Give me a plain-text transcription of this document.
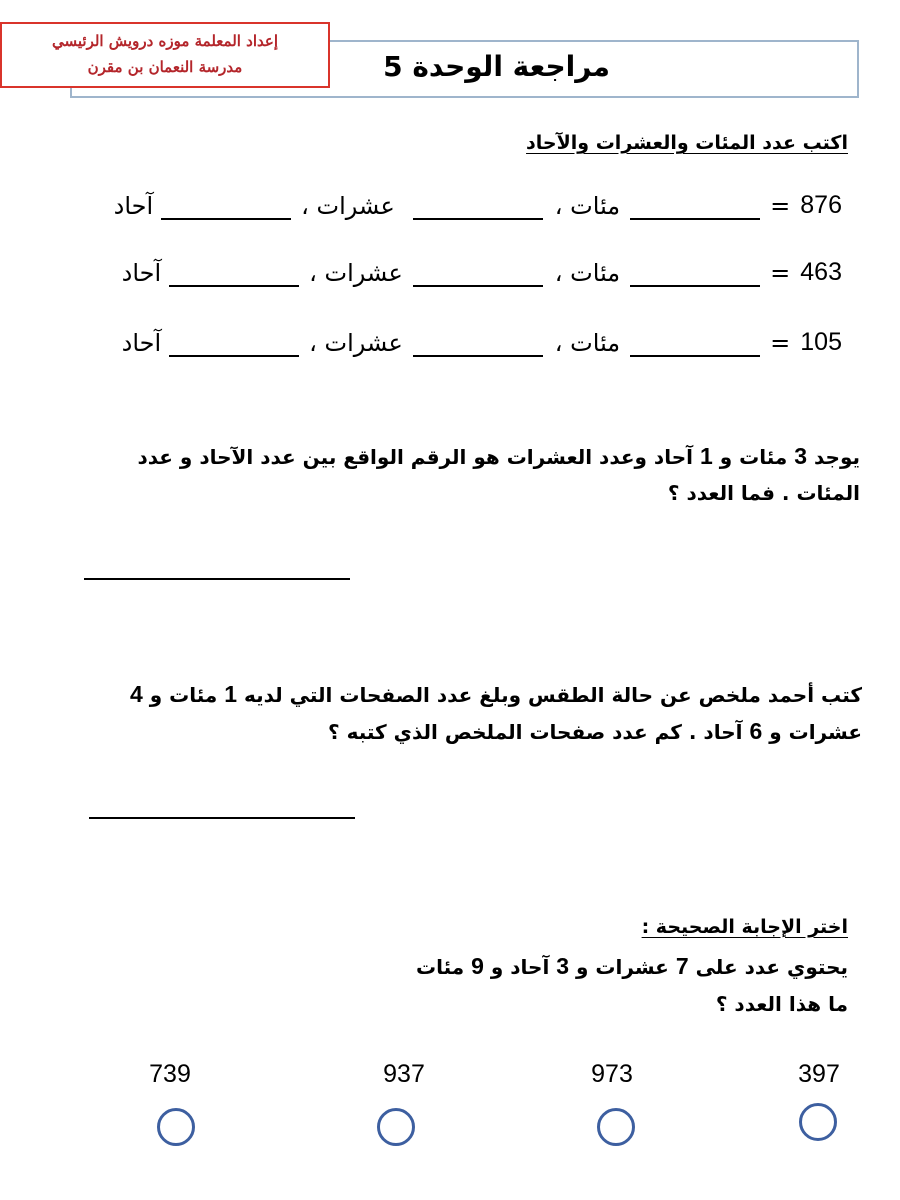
مراجعة الوحدة 5
إعداد المعلمة موزه درويش الرئيسي
مدرسة النعمان بن مقرن
اكتب عدد المئات والعشرات والآحاد
876
=
مئات ،
عشرات ،
آحاد
463
=
مئات ،
عشرات ،
آحاد
105
=
مئات ،
عشرات ،
آحاد
يوجد 3 مئات و 1 آحاد وعدد العشرات هو الرقم الواقع بين عدد الآحاد و عدد المئات . فما العدد ؟
كتب أحمد ملخص عن حالة الطقس وبلغ عدد الصفحات التي لديه 1 مئات و 4 عشرات و 6 آحاد . كم عدد صفحات الملخص الذي كتبه ؟
اختر الإجابة الصحيحة :
يحتوي عدد على 7 عشرات و 3 آحاد و 9 مئات
ما هذا العدد ؟
397
973
937
739
